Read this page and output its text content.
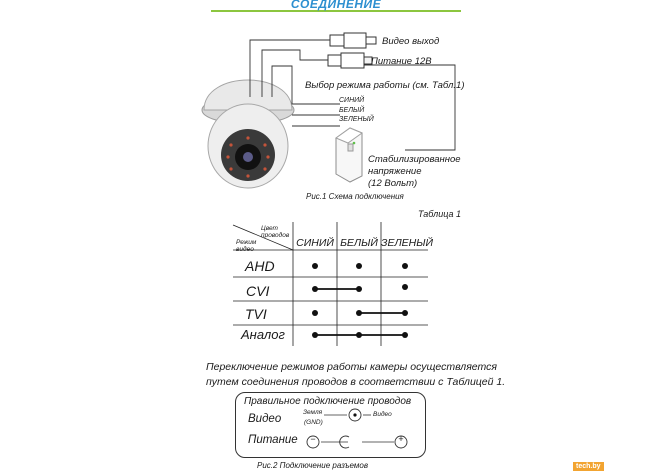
СОЕДИНЕНИЕ
Видео выход
Питание 12В
Выбор режима работы (см. Табл.1)
СИНИЙ
БЕЛЫЙ
ЗЕЛЕНЫЙ
Стабилизированное
напряжение
(12 Вольт)
Рис.1 Схема подключения
Таблица 1
Цвет проводов
Режим видео
СИНИЙ БЕЛЫЙ ЗЕЛЕНЫЙ
AHD
CVI
TVI
Аналог
Переключение режимов работы камеры осуществляется
путем соединения проводов в соответствии с Таблицей 1.
Правильное подключение проводов
Видео
Питание
Земля
(GND)
Видео
−	+
Рис.2 Подключение разъемов	tech.by
